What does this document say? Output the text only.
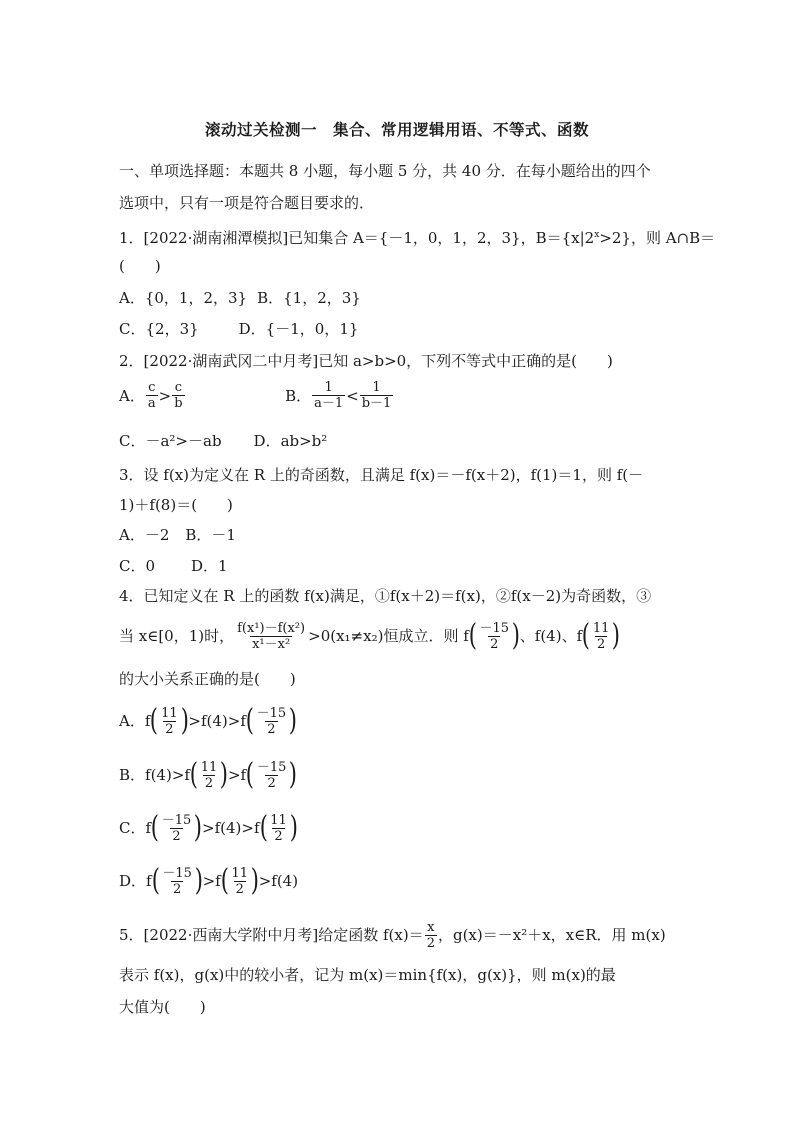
滚动过关检测一　集合、常用逻辑用语、不等式、函数
一、单项选择题：本题共 8 小题，每小题 5 分，共 40 分．在每小题给出的四个
选项中，只有一项是符合题目要求的．
1．[2022·湖南湘潭模拟]已知集合 A＝{－1，0，1，2，3}，$B=\{x|2^x>2\}$，则 A∩B＝
(　　)
A．{0，1，2，3} B．{1，2，3}
C．{2，3}	D．{－1，0，1}
2．[2022·湖南武冈二中月考]已知 a>b>0，下列不等式中正确的是(　　)
A． $\frac{c}{a} > \frac{c}{b}$
	B． $\frac{1}{a-1} < \frac{1}{b-1}$
C．－a²>－ab D．ab>b²
3．设 f(x)为定义在 R 上的奇函数，且满足 f(x)＝－f(x＋2)，f(1)＝1，则 f(－
1)＋f(8)＝(　　)
A．－2 B．－1
C．0 D．1
4．已知定义在 R 上的函数 f(x)满足，①f(x＋2)＝f(x)，②f(x－2)为奇函数，③
当 x∈[0，1)时， $\frac{\text{f(x¹)－f(x²)}}{\text{x¹－x²}} >0(x_1\ne x_2)$恒成立．则 f ( $\frac{-15}{2}$ ) 、f(4)、f ( $\frac{11}{2}$ )
的大小关系正确的是(　　)
A． f ( $\frac{11}{2}$ ) > f(4) > f ( $\frac{-15}{2}$ )
B． f(4) > f ( $\frac{11}{2}$ ) > f ( $\frac{-15}{2}$ )
C． f ( $\frac{-15}{2}$ ) > f(4) > f ( $\frac{11}{2}$ )
D． f ( $\frac{-15}{2}$ ) > f ( $\frac{11}{2}$ ) > f(4)
5．[2022·西南大学附中月考]给定函数 $f(x)= \frac{x}{2}$ ，g(x)＝－x²＋x，x∈R．用 m(x)
表示 f(x)，g(x)中的较小者，记为 m(x)＝min{f(x)，g(x)}，则 m(x)的最
大值为(　　)
